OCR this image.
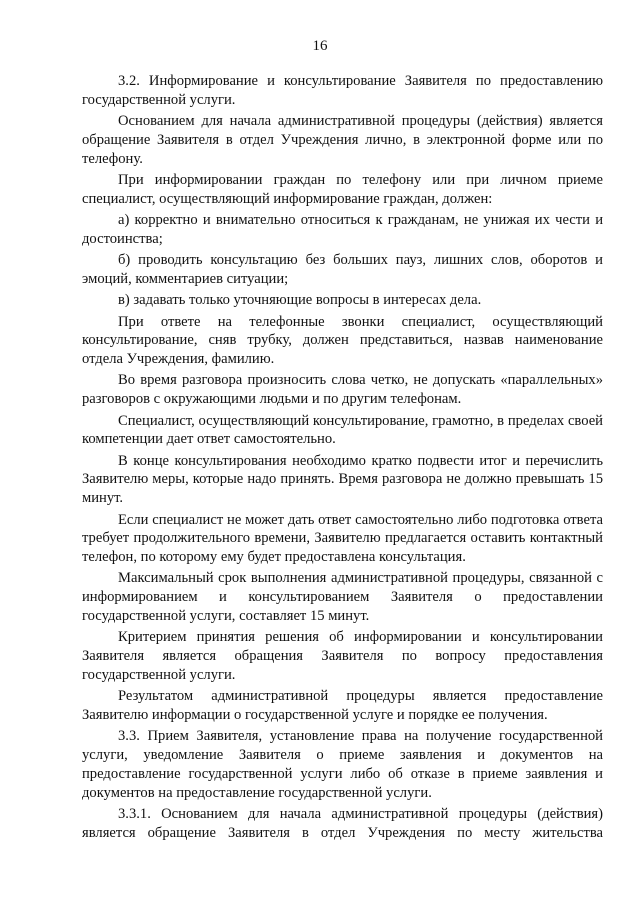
16

3.2. Информирование и консультирование Заявителя по предоставлению государственной услуги.

Основанием для начала административной процедуры (действия) является обращение Заявителя в отдел Учреждения лично, в электронной форме или по телефону.

При информировании граждан по телефону или при личном приеме специалист, осуществляющий информирование граждан, должен:

а) корректно и внимательно относиться к гражданам, не унижая их чести и достоинства;

б) проводить консультацию без больших пауз, лишних слов, оборотов и эмоций, комментариев ситуации;

в) задавать только уточняющие вопросы в интересах дела.

При ответе на телефонные звонки специалист, осуществляющий консультирование, сняв трубку, должен представиться, назвав наименование отдела Учреждения, фамилию.

Во время разговора произносить слова четко, не допускать «параллельных» разговоров с окружающими людьми и по другим телефонам.

Специалист, осуществляющий консультирование, грамотно, в пределах своей компетенции дает ответ самостоятельно.

В конце консультирования необходимо кратко подвести итог и перечислить Заявителю меры, которые надо принять. Время разговора не должно превышать 15 минут.

Если специалист не может дать ответ самостоятельно либо подготовка ответа требует продолжительного времени, Заявителю предлагается оставить контактный телефон, по которому ему будет предоставлена консультация.

Максимальный срок выполнения административной процедуры, связанной с информированием и консультированием Заявителя о предоставлении государственной услуги, составляет 15 минут.

Критерием принятия решения об информировании и консультировании Заявителя является обращения Заявителя по вопросу предоставления государственной услуги.

Результатом административной процедуры является предоставление Заявителю информации о государственной услуге и порядке ее получения.

3.3. Прием Заявителя, установление права на получение государственной услуги, уведомление Заявителя о приеме заявления и документов на предоставление государственной услуги либо об отказе в приеме заявления и документов на предоставление государственной услуги.

3.3.1. Основанием для начала административной процедуры (действия) является обращение Заявителя в отдел Учреждения по месту жительства
